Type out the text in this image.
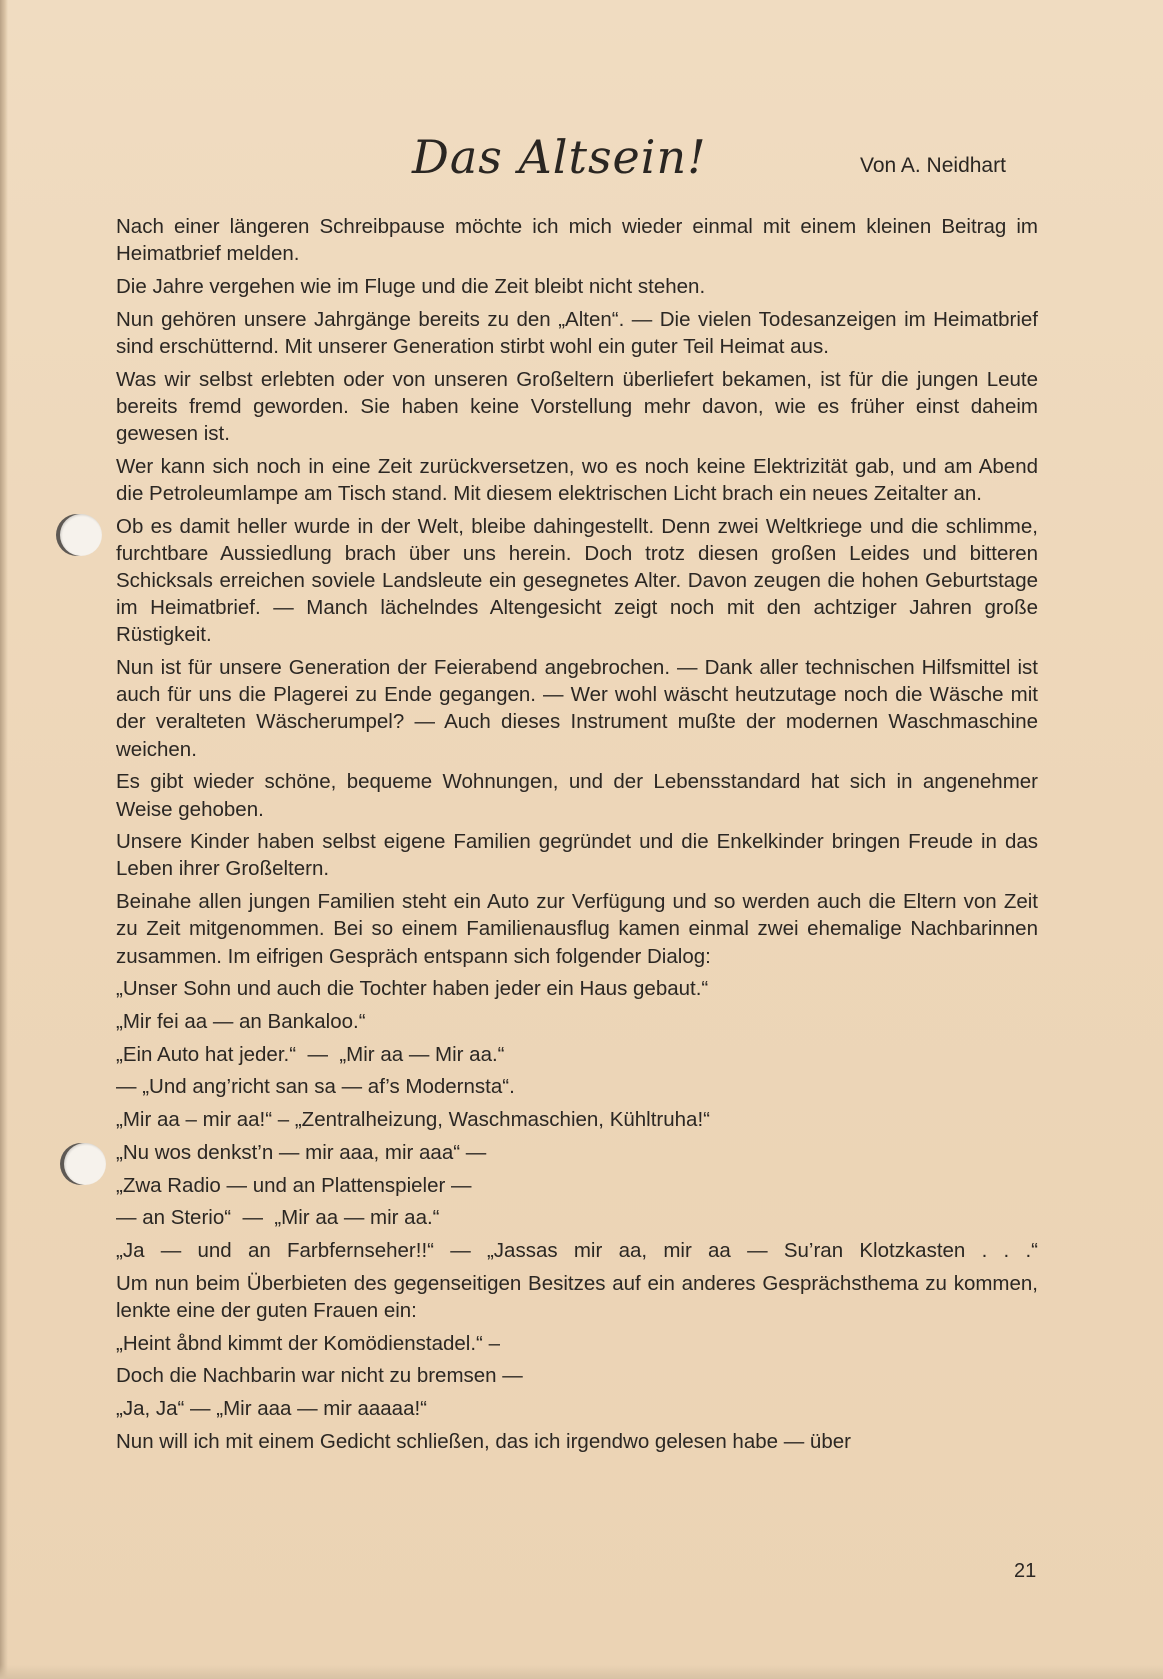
Das Altsein!	Von A. Neidhart

Nach einer längeren Schreibpause möchte ich mich wieder einmal mit einem kleinen Beitrag im Heimatbrief melden.

Die Jahre vergehen wie im Fluge und die Zeit bleibt nicht stehen.

Nun gehören unsere Jahrgänge bereits zu den „Alten“. — Die vielen Todesanzeigen im Heimatbrief sind erschütternd. Mit unserer Generation stirbt wohl ein guter Teil Heimat aus.

Was wir selbst erlebten oder von unseren Großeltern überliefert bekamen, ist für die jungen Leute bereits fremd geworden. Sie haben keine Vorstellung mehr davon, wie es früher einst daheim gewesen ist.

Wer kann sich noch in eine Zeit zurückversetzen, wo es noch keine Elektrizität gab, und am Abend die Petroleumlampe am Tisch stand. Mit diesem elektrischen Licht brach ein neues Zeitalter an.

Ob es damit heller wurde in der Welt, bleibe dahingestellt. Denn zwei Weltkriege und die schlimme, furchtbare Aussiedlung brach über uns herein. Doch trotz diesen großen Leides und bitteren Schicksals erreichen soviele Landsleute ein gesegnetes Alter. Davon zeugen die hohen Geburtstage im Heimatbrief. — Manch lächelndes Altengesicht zeigt noch mit den achtziger Jahren große Rüstigkeit.

Nun ist für unsere Generation der Feierabend angebrochen. — Dank aller technischen Hilfsmittel ist auch für uns die Plagerei zu Ende gegangen. — Wer wohl wäscht heutzutage noch die Wäsche mit der veralteten Wäscherumpel? — Auch dieses Instrument mußte der modernen Waschmaschine weichen.

Es gibt wieder schöne, bequeme Wohnungen, und der Lebensstandard hat sich in angenehmer Weise gehoben.

Unsere Kinder haben selbst eigene Familien gegründet und die Enkelkinder bringen Freude in das Leben ihrer Großeltern.

Beinahe allen jungen Familien steht ein Auto zur Verfügung und so werden auch die Eltern von Zeit zu Zeit mitgenommen. Bei so einem Familienausflug kamen einmal zwei ehemalige Nachbarinnen zusammen. Im eifrigen Gespräch entspann sich folgender Dialog:

„Unser Sohn und auch die Tochter haben jeder ein Haus gebaut.“

„Mir fei aa — an Bankaloo.“

„Ein Auto hat jeder.“  —  „Mir aa — Mir aa.“

— „Und ang’richt san sa — af’s Modernsta“.

„Mir aa – mir aa!“ – „Zentralheizung, Waschmaschien, Kühltruha!“

„Nu wos denkst’n — mir aaa, mir aaa“ —

„Zwa Radio — und an Plattenspieler —

— an Sterio“  —  „Mir aa — mir aa.“

„Ja — und an Farbfernseher!!“ — „Jassas mir aa, mir aa — Su’ran Klotzkasten . . .“

Um nun beim Überbieten des gegenseitigen Besitzes auf ein anderes Gesprächsthema zu kommen, lenkte eine der guten Frauen ein:

„Heint åbnd kimmt der Komödienstadel.“ –

Doch die Nachbarin war nicht zu bremsen —

„Ja, Ja“ — „Mir aaa — mir aaaaa!“

Nun will ich mit einem Gedicht schließen, das ich irgendwo gelesen habe — über

21
